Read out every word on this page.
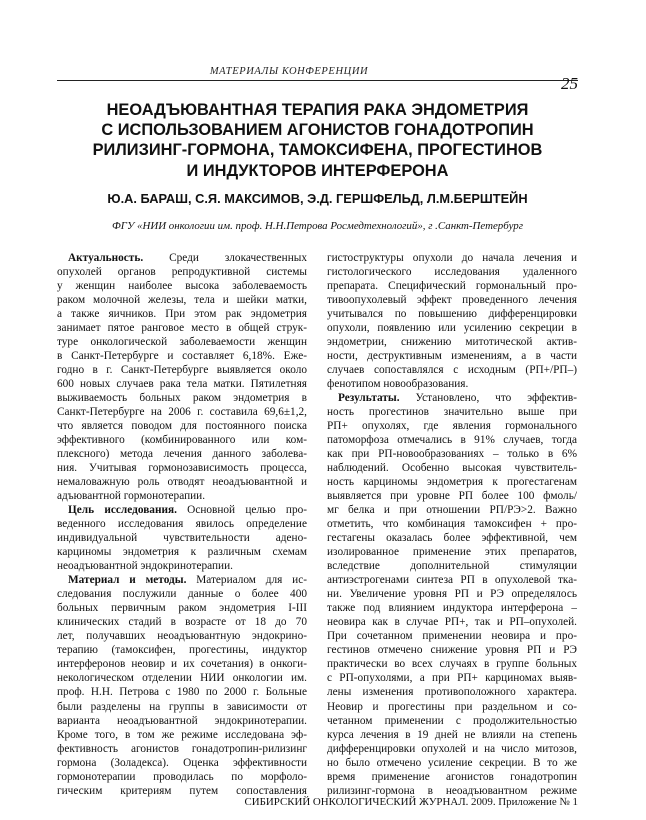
МАТЕРИАЛЫ КОНФЕРЕНЦИИ
25
НЕОАДЪЮВАНТНАЯ ТЕРАПИЯ РАКА ЭНДОМЕТРИЯ
С ИСПОЛЬЗОВАНИЕМ АГОНИСТОВ ГОНАДОТРОПИН
РИЛИЗИНГ-ГОРМОНА, ТАМОКСИФЕНА, ПРОГЕСТИНОВ
И ИНДУКТОРОВ ИНТЕРФЕРОНА
Ю.А. БАРАШ, С.Я. МАКСИМОВ, Э.Д. ГЕРШФЕЛЬД, Л.М.БЕРШТЕЙН
ФГУ «НИИ онкологии им. проф. Н.Н.Петрова Росмедтехнологий», г .Санкт-Петербург
Актуальность. Среди злокачественных
опухолей органов репродуктивной системы
у женщин наиболее высока заболеваемость
раком молочной железы, тела и шейки матки,
а также яичников. При этом рак эндометрия
занимает пятое ранговое место в общей струк-
туре онкологической заболеваемости женщин
в Санкт-Петербурге и составляет 6,18%. Еже-
годно в г. Санкт-Петербурге выявляется около
600 новых случаев рака тела матки. Пятилетняя
выживаемость больных раком эндометрия в
Санкт-Петербурге на 2006 г. составила 69,6±1,2,
что является поводом для постоянного поиска
эффективного (комбинированного или ком-
плексного) метода лечения данного заболева-
ния. Учитывая гормонозависимость процесса,
немаловажную роль отводят неоадъювантной и
адъювантной гормонотерапии.
Цель исследования. Основной целью про-
веденного исследования явилось определение
индивидуальной чувствительности адено-
карциномы эндометрия к различным схемам
неоадъювантной эндокринотерапии.
Материал и методы. Материалом для ис-
следования послужили данные о более 400
больных первичным раком эндометрия I-III
клинических стадий в возрасте от 18 до 70
лет, получавших неоадъювантную эндокрино-
терапию (тамоксифен, прогестины, индуктор
интерферонов неовир и их сочетания) в онкоги-
некологическом отделении НИИ онкологии им.
проф. Н.Н. Петрова с 1980 по 2000 г. Больные
были разделены на группы в зависимости от
варианта неоадъювантной эндокринотерапии.
Кроме того, в том же режиме исследована эф-
фективность агонистов гонадотропин-рилизинг
гормона (Золадекса). Оценка эффективности
гормонотерапии проводилась по морфоло-
гическим критериям путем сопоставления
гистоструктуры опухоли до начала лечения и
гистологического исследования удаленного
препарата. Специфический гормональный про-
тивоопухолевый эффект проведенного лечения
учитывался по повышению дифференцировки
опухоли, появлению или усилению секреции в
эндометрии, снижению митотической актив-
ности, деструктивным изменениям, а в части
случаев сопоставлялся с исходным (РП+/РП–)
фенотипом новообразования.
Результаты. Установлено, что эффектив-
ность прогестинов значительно выше при
РП+ опухолях, где явления гормонального
патоморфоза отмечались в 91% случаев, тогда
как при РП-новообразованиях – только в 6%
наблюдений. Особенно высокая чувствитель-
ность карциномы эндометрия к прогестагенам
выявляется при уровне РП более 100 фмоль/
мг белка и при отношении РП/РЭ>2. Важно
отметить, что комбинация тамоксифен + про-
гестагены оказалась более эффективной, чем
изолированное применение этих препаратов,
вследствие дополнительной стимуляции
антиэстрогенами синтеза РП в опухолевой тка-
ни. Увеличение уровня РП и РЭ определялось
также под влиянием индуктора интерферона –
неовира как в случае РП+, так и РП–опухолей.
При сочетанном применении неовира и про-
гестинов отмечено снижение уровня РП и РЭ
практически во всех случаях в группе больных
с РП-опухолями, а при РП+ карциномах выяв-
лены изменения противоположного характера.
Неовир и прогестины при раздельном и со-
четанном применении с продолжительностью
курса лечения в 19 дней не влияли на степень
дифференцировки опухолей и на число митозов,
но было отмечено усиление секреции. В то же
время применение агонистов гонадотропин
рилизинг-гормона в неоадъювантном режиме
СИБИРСКИЙ ОНКОЛОГИЧЕСКИЙ ЖУРНАЛ. 2009. Приложение № 1
